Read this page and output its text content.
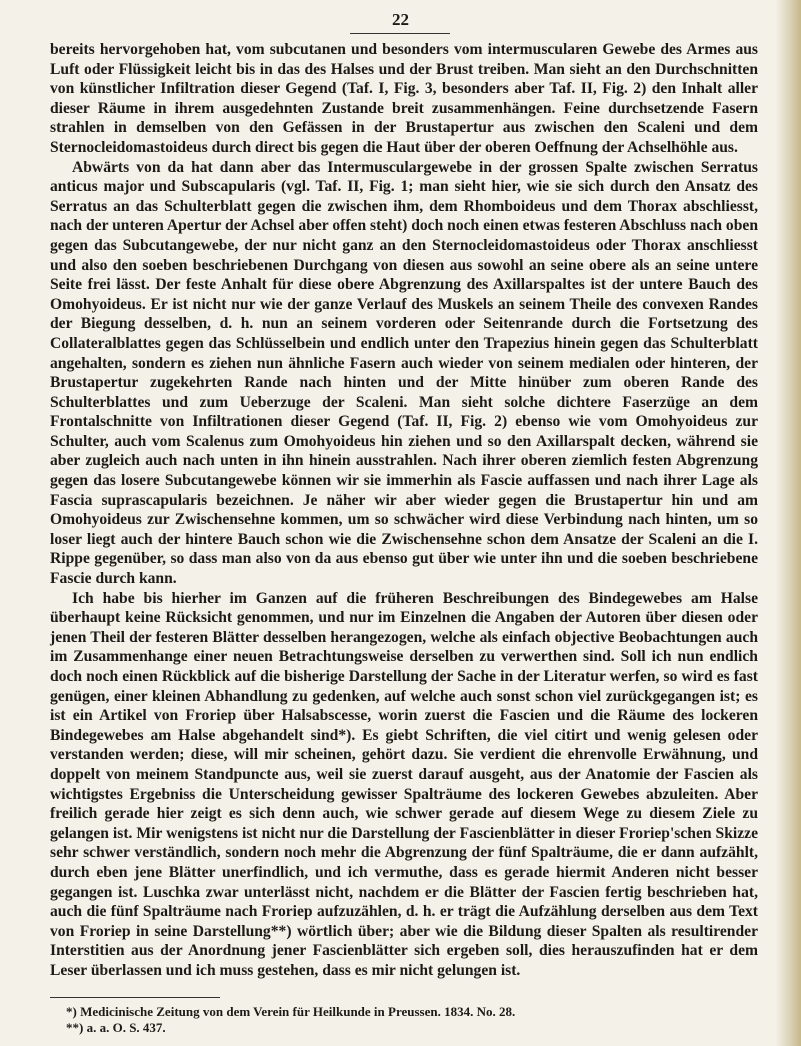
22

bereits hervorgehoben hat, vom subcutanen und besonders vom intermuscularen Gewebe des Armes aus Luft oder Flüssigkeit leicht bis in das des Halses und der Brust treiben. Man sieht an den Durchschnitten von künstlicher Infiltration dieser Gegend (Taf. I, Fig. 3, besonders aber Taf. II, Fig. 2) den Inhalt aller dieser Räume in ihrem ausgedehnten Zustande breit zusammenhängen. Feine durchsetzende Fasern strahlen in demselben von den Gefässen in der Brustapertur aus zwischen den Scaleni und dem Sternocleidomastoideus durch direct bis gegen die Haut über der oberen Oeffnung der Achselhöhle aus.

Abwärts von da hat dann aber das Intermusculargewebe in der grossen Spalte zwischen Serratus anticus major und Subscapularis (vgl. Taf. II, Fig. 1; man sieht hier, wie sie sich durch den Ansatz des Serratus an das Schulterblatt gegen die zwischen ihm, dem Rhomboideus und dem Thorax abschliesst, nach der unteren Apertur der Achsel aber offen steht) doch noch einen etwas festeren Abschluss nach oben gegen das Subcutangewebe, der nur nicht ganz an den Sternocleidomastoideus oder Thorax anschliesst und also den soeben beschriebenen Durchgang von diesen aus sowohl an seine obere als an seine untere Seite frei lässt. Der feste Anhalt für diese obere Abgrenzung des Axillarspaltes ist der untere Bauch des Omohyoideus. Er ist nicht nur wie der ganze Verlauf des Muskels an seinem Theile des convexen Randes der Biegung desselben, d. h. nun an seinem vorderen oder Seitenrande durch die Fortsetzung des Collateralblattes gegen das Schlüsselbein und endlich unter den Trapezius hinein gegen das Schulterblatt angehalten, sondern es ziehen nun ähnliche Fasern auch wieder von seinem medialen oder hinteren, der Brustapertur zugekehrten Rande nach hinten und der Mitte hinüber zum oberen Rande des Schulterblattes und zum Ueberzuge der Scaleni. Man sieht solche dichtere Faserzüge an dem Frontalschnitte von Infiltrationen dieser Gegend (Taf. II, Fig. 2) ebenso wie vom Omohyoideus zur Schulter, auch vom Scalenus zum Omohyoideus hin ziehen und so den Axillarspalt decken, während sie aber zugleich auch nach unten in ihn hinein ausstrahlen. Nach ihrer oberen ziemlich festen Abgrenzung gegen das losere Subcutangewebe können wir sie immerhin als Fascie auffassen und nach ihrer Lage als Fascia suprascapularis bezeichnen. Je näher wir aber wieder gegen die Brustapertur hin und am Omohyoideus zur Zwischensehne kommen, um so schwächer wird diese Verbindung nach hinten, um so loser liegt auch der hintere Bauch schon wie die Zwischensehne schon dem Ansatze der Scaleni an die I. Rippe gegenüber, so dass man also von da aus ebenso gut über wie unter ihn und die soeben beschriebene Fascie durch kann.

Ich habe bis hierher im Ganzen auf die früheren Beschreibungen des Bindegewebes am Halse überhaupt keine Rücksicht genommen, und nur im Einzelnen die Angaben der Autoren über diesen oder jenen Theil der festeren Blätter desselben herangezogen, welche als einfach objective Beobachtungen auch im Zusammenhange einer neuen Betrachtungsweise derselben zu verwerthen sind. Soll ich nun endlich doch noch einen Rückblick auf die bisherige Darstellung der Sache in der Literatur werfen, so wird es fast genügen, einer kleinen Abhandlung zu gedenken, auf welche auch sonst schon viel zurückgegangen ist; es ist ein Artikel von Froriep über Halsabscesse, worin zuerst die Fascien und die Räume des lockeren Bindegewebes am Halse abgehandelt sind*). Es giebt Schriften, die viel citirt und wenig gelesen oder verstanden werden; diese, will mir scheinen, gehört dazu. Sie verdient die ehrenvolle Erwähnung, und doppelt von meinem Standpuncte aus, weil sie zuerst darauf ausgeht, aus der Anatomie der Fascien als wichtigstes Ergebniss die Unterscheidung gewisser Spalträume des lockeren Gewebes abzuleiten. Aber freilich gerade hier zeigt es sich denn auch, wie schwer gerade auf diesem Wege zu diesem Ziele zu gelangen ist. Mir wenigstens ist nicht nur die Darstellung der Fascienblätter in dieser Froriep'schen Skizze sehr schwer verständlich, sondern noch mehr die Abgrenzung der fünf Spalträume, die er dann aufzählt, durch eben jene Blätter unerfindlich, und ich vermuthe, dass es gerade hiermit Anderen nicht besser gegangen ist. Luschka zwar unterlässt nicht, nachdem er die Blätter der Fascien fertig beschrieben hat, auch die fünf Spalträume nach Froriep aufzuzählen, d. h. er trägt die Aufzählung derselben aus dem Text von Froriep in seine Darstellung**) wörtlich über; aber wie die Bildung dieser Spalten als resultirender Interstitien aus der Anordnung jener Fascienblätter sich ergeben soll, dies herauszufinden hat er dem Leser überlassen und ich muss gestehen, dass es mir nicht gelungen ist.

*) Medicinische Zeitung von dem Verein für Heilkunde in Preussen. 1834. No. 28.
**) a. a. O. S. 437.
